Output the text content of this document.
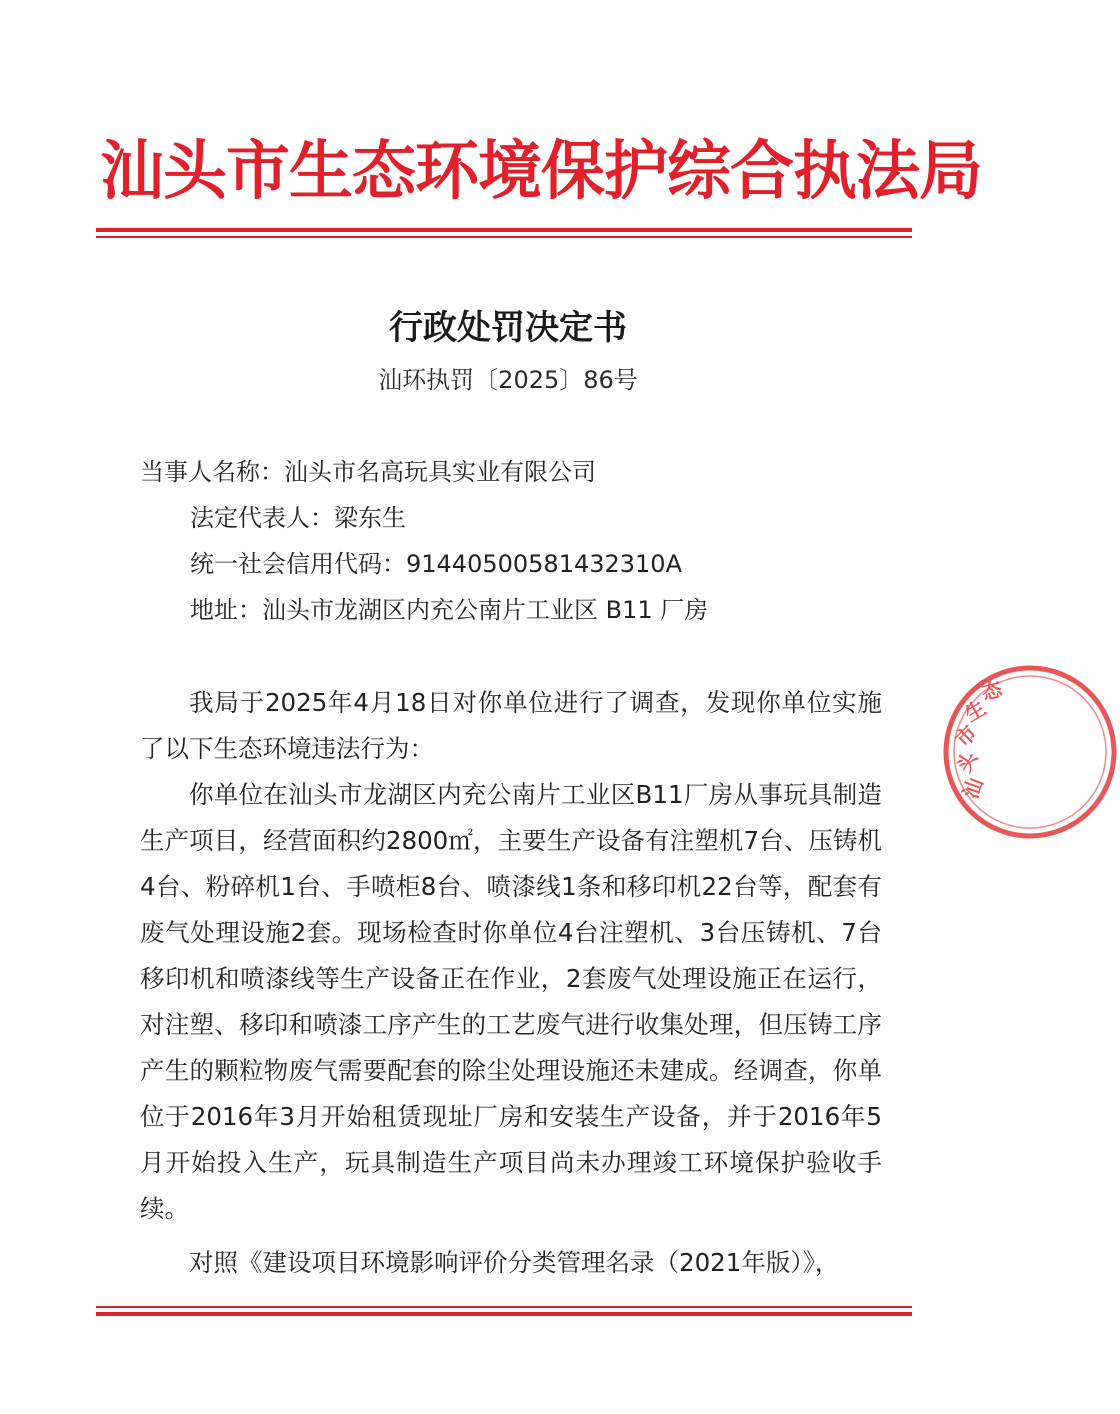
汕头市生态环境保护综合执法局
行政处罚决定书
汕环执罚〔2025〕86号
当事人名称：汕头市名高玩具实业有限公司
法定代表人：梁东生
统一社会信用代码：91440500581432310A
地址：汕头市龙湖区内充公南片工业区 B11 厂房

我局于2025年4月18日对你单位进行了调查，发现你单位实施了以下生态环境违法行为：

你单位在汕头市龙湖区内充公南片工业区B11厂房从事玩具制造生产项目，经营面积约2800㎡，主要生产设备有注塑机7台、压铸机4台、粉碎机1台、手喷柜8台、喷漆线1条和移印机22台等，配套有废气处理设施2套。现场检查时你单位4台注塑机、3台压铸机、7台移印机和喷漆线等生产设备正在作业，2套废气处理设施正在运行，对注塑、移印和喷漆工序产生的工艺废气进行收集处理，但压铸工序产生的颗粒物废气需要配套的除尘处理设施还未建成。经调查，你单位于2016年3月开始租赁现址厂房和安装生产设备，并于2016年5月开始投入生产，玩具制造生产项目尚未办理竣工环境保护验收手续。

对照《建设项目环境影响评价分类管理名录（2021年版）》，

汕
头
市
生
态
